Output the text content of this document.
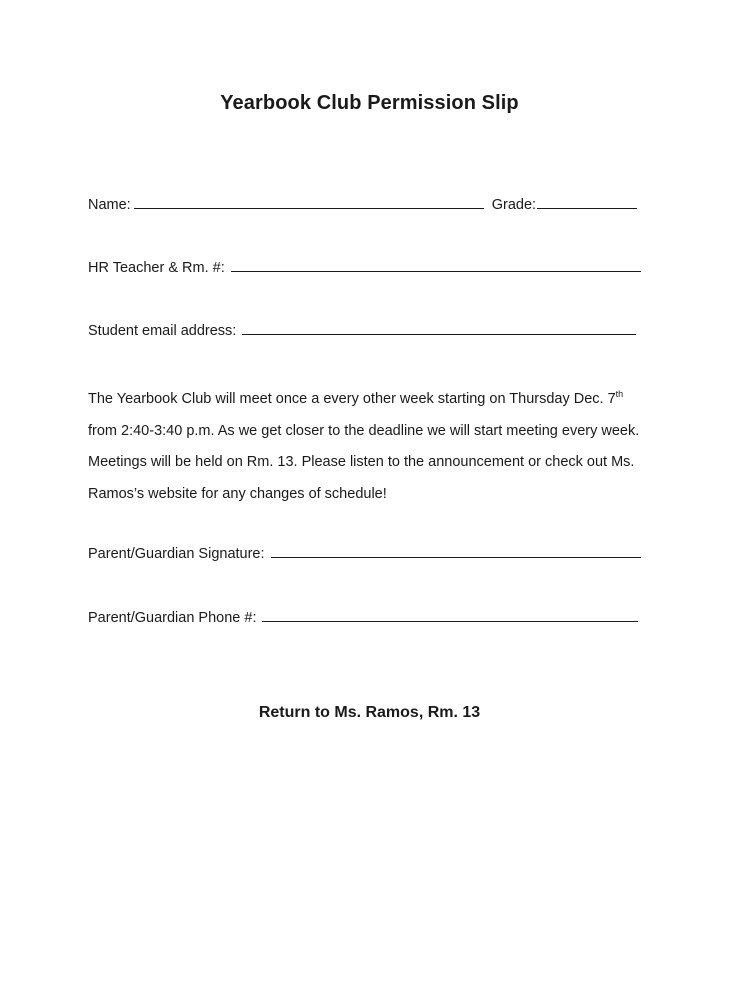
Yearbook Club Permission Slip
Name:	Grade:
HR Teacher & Rm. #:
Student email address:
The Yearbook Club will meet once a every other week starting on Thursday Dec. 7th from 2:40-3:40 p.m. As we get closer to the deadline we will start meeting every week. Meetings will be held on Rm. 13. Please listen to the announcement or check out Ms. Ramos’s website for any changes of schedule!
Parent/Guardian Signature:
Parent/Guardian Phone #:
Return to Ms. Ramos, Rm. 13
